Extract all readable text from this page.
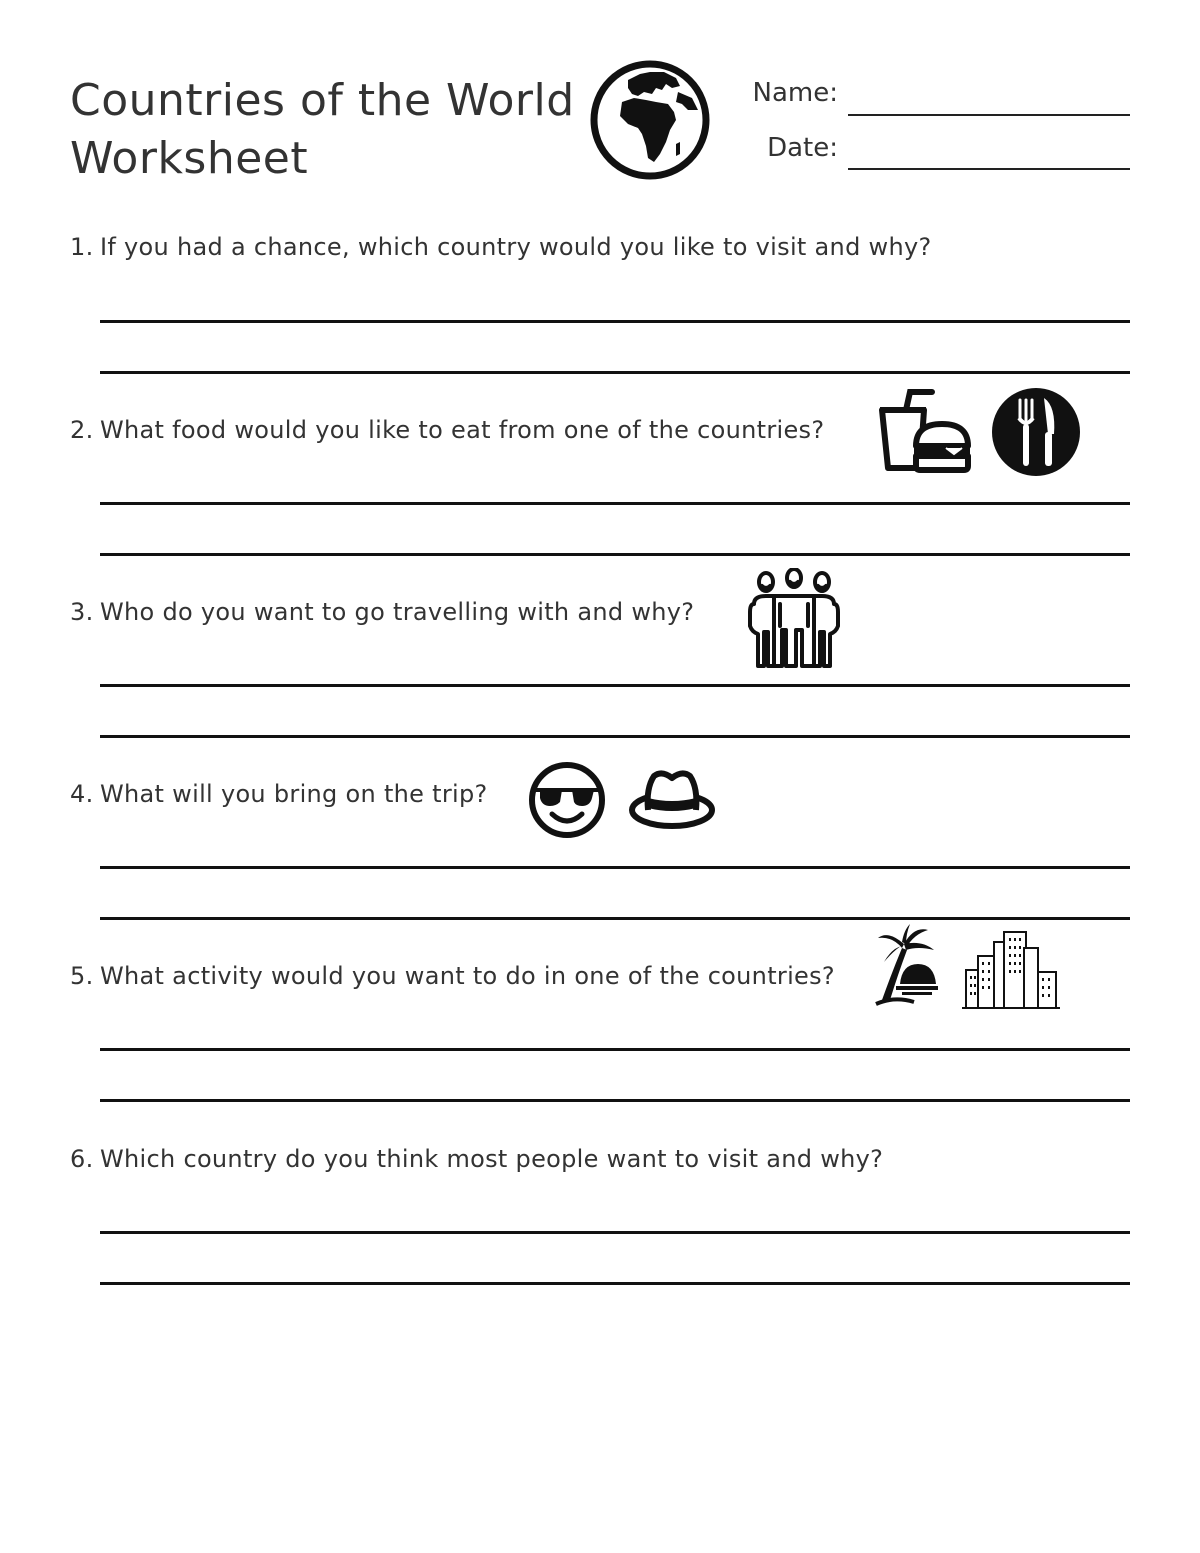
Countries of the World
Worksheet
Name:
Date:
1. If you had a chance, which country would you like to visit and why?
2. What food would you like to eat from one of the countries?
3. Who do you want to go travelling with and why?
4. What will you bring on the trip?
5. What activity would you want to do in one of the countries?
6. Which country do you think most people want to visit and why?
